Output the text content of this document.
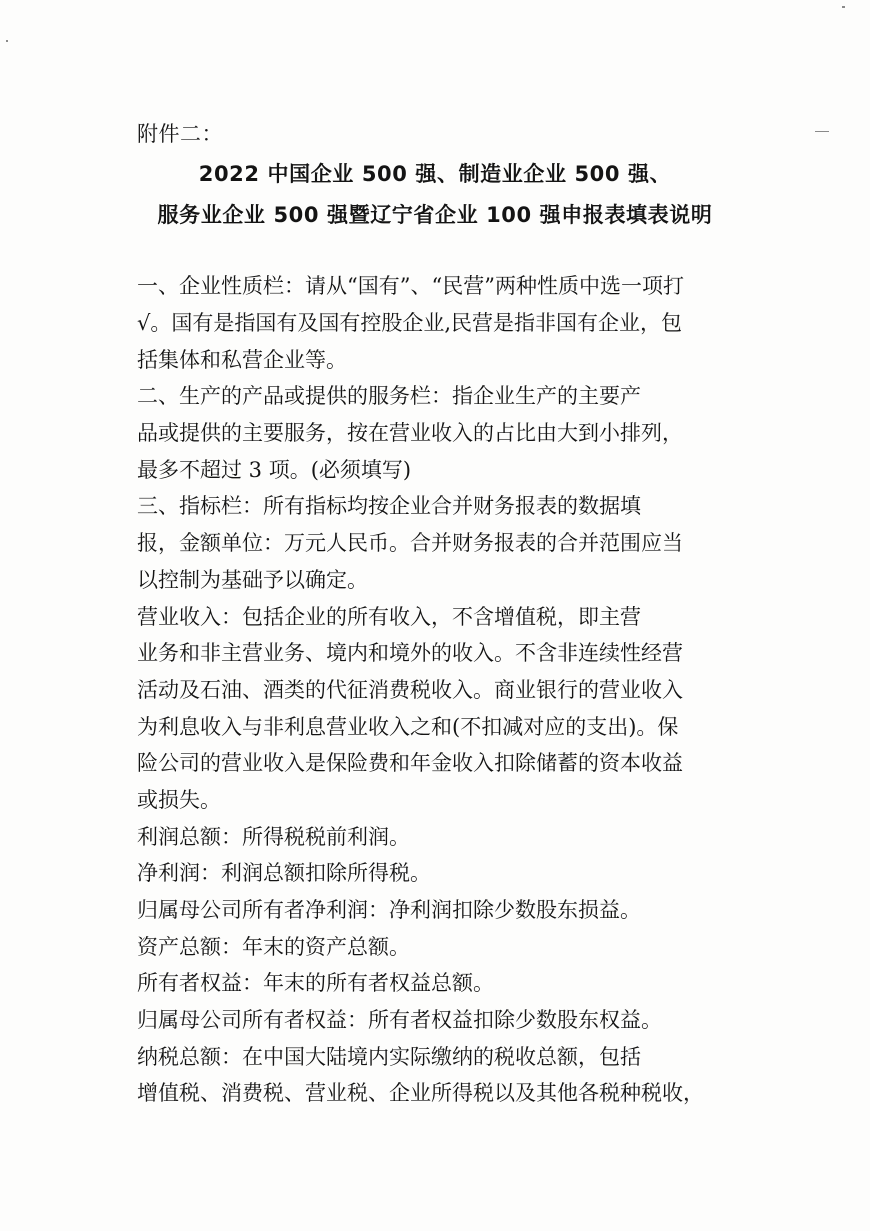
附件二：
2022 中国企业 500 强、制造业企业 500 强、
服务业企业 500 强暨辽宁省企业 100 强申报表填表说明
一、企业性质栏：请从“国有”、“民营”两种性质中选一项打
√。国有是指国有及国有控股企业,民营是指非国有企业，包
括集体和私营企业等。
二、生产的产品或提供的服务栏：指企业生产的主要产
品或提供的主要服务，按在营业收入的占比由大到小排列，
最多不超过 3 项。(必须填写)
三、指标栏：所有指标均按企业合并财务报表的数据填
报，金额单位：万元人民币。合并财务报表的合并范围应当
以控制为基础予以确定。
营业收入：包括企业的所有收入，不含增值税，即主营
业务和非主营业务、境内和境外的收入。不含非连续性经营
活动及石油、酒类的代征消费税收入。商业银行的营业收入
为利息收入与非利息营业收入之和(不扣减对应的支出)。保
险公司的营业收入是保险费和年金收入扣除储蓄的资本收益
或损失。
利润总额：所得税税前利润。
净利润：利润总额扣除所得税。
归属母公司所有者净利润：净利润扣除少数股东损益。
资产总额：年末的资产总额。
所有者权益：年末的所有者权益总额。
归属母公司所有者权益：所有者权益扣除少数股东权益。
纳税总额：在中国大陆境内实际缴纳的税收总额，包括
增值税、消费税、营业税、企业所得税以及其他各税种税收，
